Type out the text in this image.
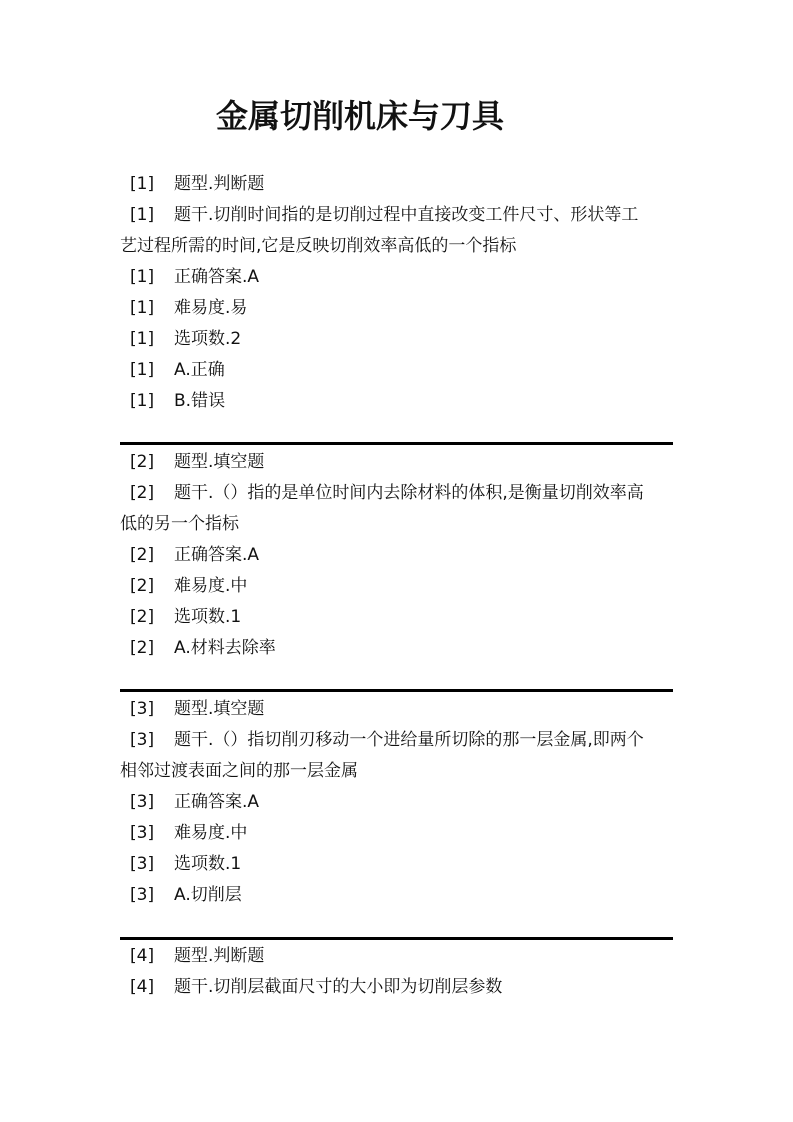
金属切削机床与刀具
[1] 题型.判断题
[1] 题干.切削时间指的是切削过程中直接改变工件尺寸、形状等工
艺过程所需的时间,它是反映切削效率高低的一个指标
[1] 正确答案.A
[1] 难易度.易
[1] 选项数.2
[1] A.正确
[1] B.错误
[2] 题型.填空题
[2] 题干.（）指的是单位时间内去除材料的体积,是衡量切削效率高
低的另一个指标
[2] 正确答案.A
[2] 难易度.中
[2] 选项数.1
[2] A.材料去除率
[3] 题型.填空题
[3] 题干.（）指切削刃移动一个进给量所切除的那一层金属,即两个
相邻过渡表面之间的那一层金属
[3] 正确答案.A
[3] 难易度.中
[3] 选项数.1
[3] A.切削层
[4] 题型.判断题
[4] 题干.切削层截面尺寸的大小即为切削层参数
